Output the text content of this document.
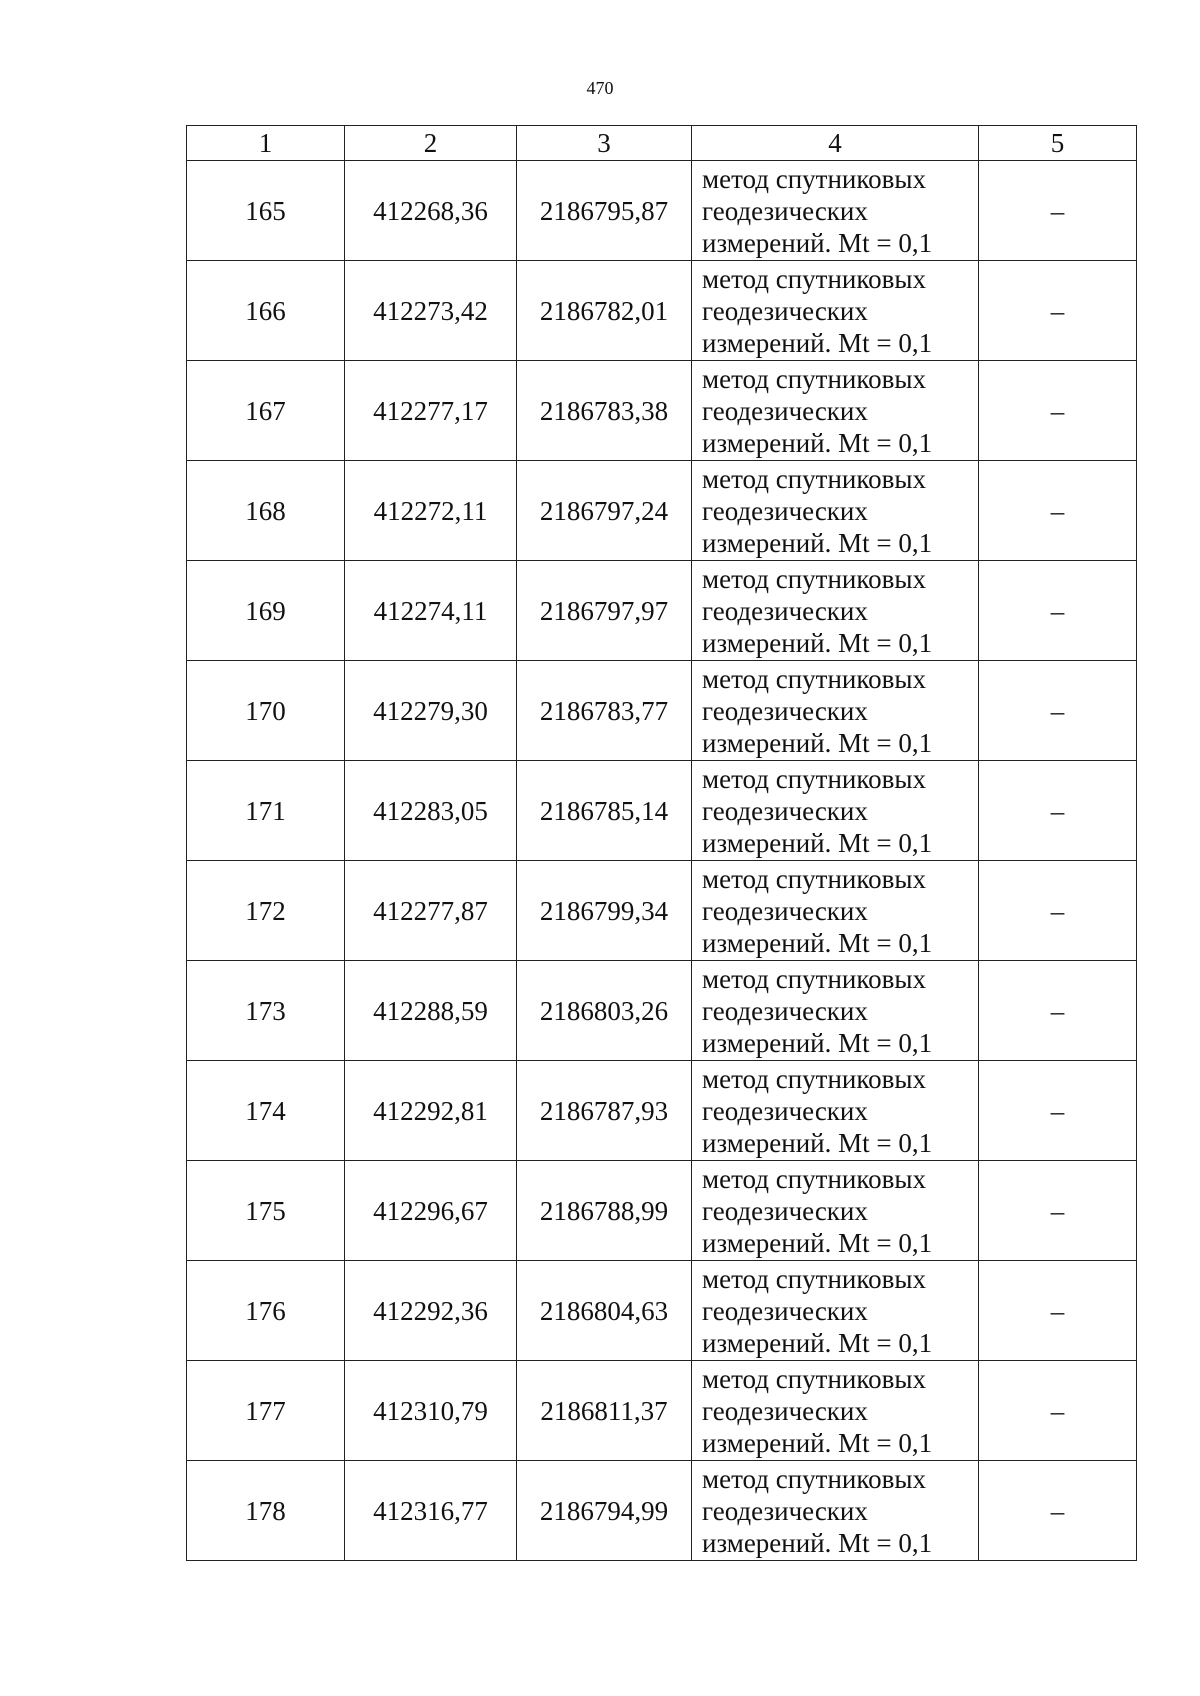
470
1	2	3	4	5
165	412268,36	2186795,87	метод спутниковых
геодезических
измерений. Mt = 0,1	–
166	412273,42	2186782,01	метод спутниковых
геодезических
измерений. Mt = 0,1	–
167	412277,17	2186783,38	метод спутниковых
геодезических
измерений. Mt = 0,1	–
168	412272,11	2186797,24	метод спутниковых
геодезических
измерений. Mt = 0,1	–
169	412274,11	2186797,97	метод спутниковых
геодезических
измерений. Mt = 0,1	–
170	412279,30	2186783,77	метод спутниковых
геодезических
измерений. Mt = 0,1	–
171	412283,05	2186785,14	метод спутниковых
геодезических
измерений. Mt = 0,1	–
172	412277,87	2186799,34	метод спутниковых
геодезических
измерений. Mt = 0,1	–
173	412288,59	2186803,26	метод спутниковых
геодезических
измерений. Mt = 0,1	–
174	412292,81	2186787,93	метод спутниковых
геодезических
измерений. Mt = 0,1	–
175	412296,67	2186788,99	метод спутниковых
геодезических
измерений. Mt = 0,1	–
176	412292,36	2186804,63	метод спутниковых
геодезических
измерений. Mt = 0,1	–
177	412310,79	2186811,37	метод спутниковых
геодезических
измерений. Mt = 0,1	–
178	412316,77	2186794,99	метод спутниковых
геодезических
измерений. Mt = 0,1	–
